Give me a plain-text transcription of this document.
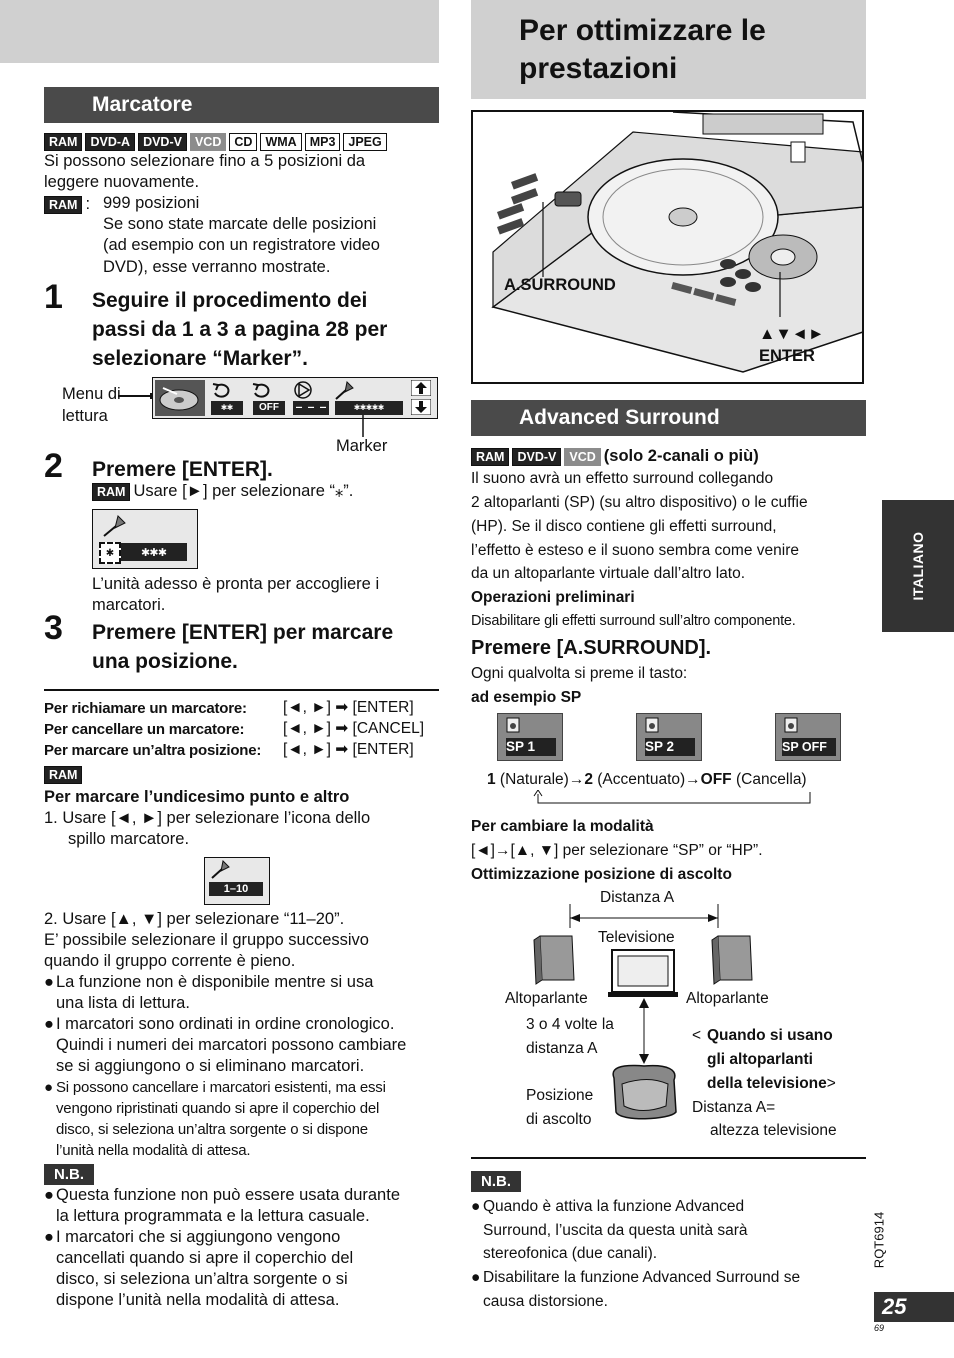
Per ottimizzare le
prestazioni
Marcatore
RAM DVD-A DVD-V VCD CD WMA MP3 JPEG
Si possono selezionare fino a 5 posizioni da
leggere nuovamente.
RAM : 999 posizioni
Se sono state marcate delle posizioni
(ad esempio con un registratore video
DVD), esse verranno mostrate.
1 Seguire il procedimento dei
passi da 1 a 3 a pagina 28 per
selezionare “Marker”.
Menu di
lettura	✱✱	OFF	– – –	✱✱✱✱✱
Marker
2 Premere [ENTER].
RAM Usare [►] per selezionare “⁎”.
✱	✱✱✱
L’unità adesso è pronta per accogliere i
marcatori.
3 Premere [ENTER] per marcare
una posizione.
Per richiamare un marcatore: [◄, ►] ➡ [ENTER]
Per cancellare un marcatore: [◄, ►] ➡ [CANCEL]
Per marcare un’altra posizione: [◄, ►] ➡ [ENTER]
RAM
Per marcare l’undicesimo punto e altro
1. Usare [◄, ►] per selezionare l’icona dello
spillo marcatore.
1–10
2. Usare [▲, ▼] per selezionare “11–20”.
E’ possibile selezionare il gruppo successivo
quando il gruppo corrente è pieno.
● La funzione non è disponibile mentre si usa
una lista di lettura.
● I marcatori sono ordinati in ordine cronologico.
Quindi i numeri dei marcatori possono cambiare
se si aggiungono o si eliminano marcatori.
● Si possono cancellare i marcatori esistenti, ma essi
vengono ripristinati quando si apre il coperchio del
disco, si seleziona un’altra sorgente o si dispone
l’unità nella modalità di attesa.
N.B.
● Questa funzione non può essere usata durante
la lettura programmata e la lettura casuale.
● I marcatori che si aggiungono vengono
cancellati quando si apre il coperchio del
disco, si seleziona un’altra sorgente o si
dispone l’unità nella modalità di attesa.
A.SURROUND
▲▼◄►
ENTER
Advanced Surround
RAM DVD-V VCD (solo 2-canali o più)
Il suono avrà un effetto surround collegando
2 altoparlanti (SP) (su altro dispositivo) o le cuffie
(HP). Se il disco contiene gli effetti surround,
l’effetto è esteso e il suono sembra come venire
da un altoparlante virtuale dall’altro lato.
Operazioni preliminari
Disabilitare gli effetti surround sull’altro componente.
Premere [A.SURROUND].
Ogni qualvolta si preme il tasto:
ad esempio SP
SP 1	SP 2	SP OFF
1 (Naturale)→2 (Accentuato)→OFF (Cancella)
Per cambiare la modalità
[◄]→[▲, ▼] per selezionare “SP” or “HP”.
Ottimizzazione posizione di ascolto
Distanza A
Televisione
Altoparlante	Altoparlante
3 o 4 volte la
distanza A
Posizione
di ascolto
< Quando si usano
gli altoparlanti
della televisione>
Distanza A=
altezza televisione
N.B.
● Quando è attiva la funzione Advanced
Surround, l’uscita da questa unità sarà
stereofonica (due canali).
● Disabilitare la funzione Advanced Surround se
causa distorsione.
ITALIANO
RQT6914
25
69
